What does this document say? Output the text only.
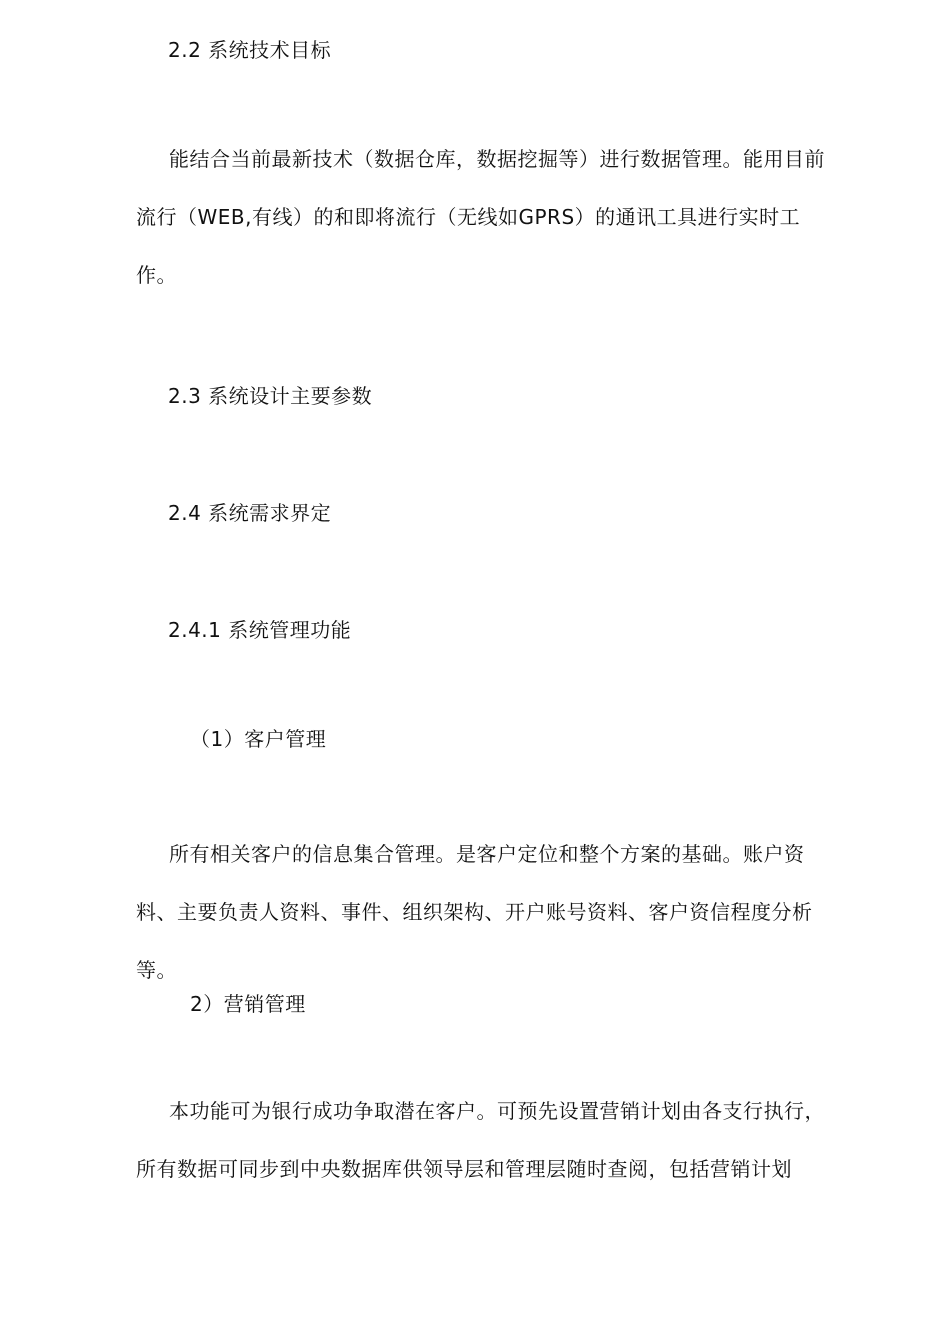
2.2 系统技术目标

能结合当前最新技术（数据仓库，数据挖掘等）进行数据管理。能用目前流行（WEB,有线）的和即将流行（无线如GPRS）的通讯工具进行实时工作。

2.3 系统设计主要参数
2.4 系统需求界定
2.4.1 系统管理功能
（1）客户管理

所有相关客户的信息集合管理。是客户定位和整个方案的基础。账户资料、主要负责人资料、事件、组织架构、开户账号资料、客户资信程度分析等。

2）营销管理

本功能可为银行成功争取潜在客户。可预先设置营销计划由各支行执行，所有数据可同步到中央数据库供领导层和管理层随时查阅，包括营销计划
